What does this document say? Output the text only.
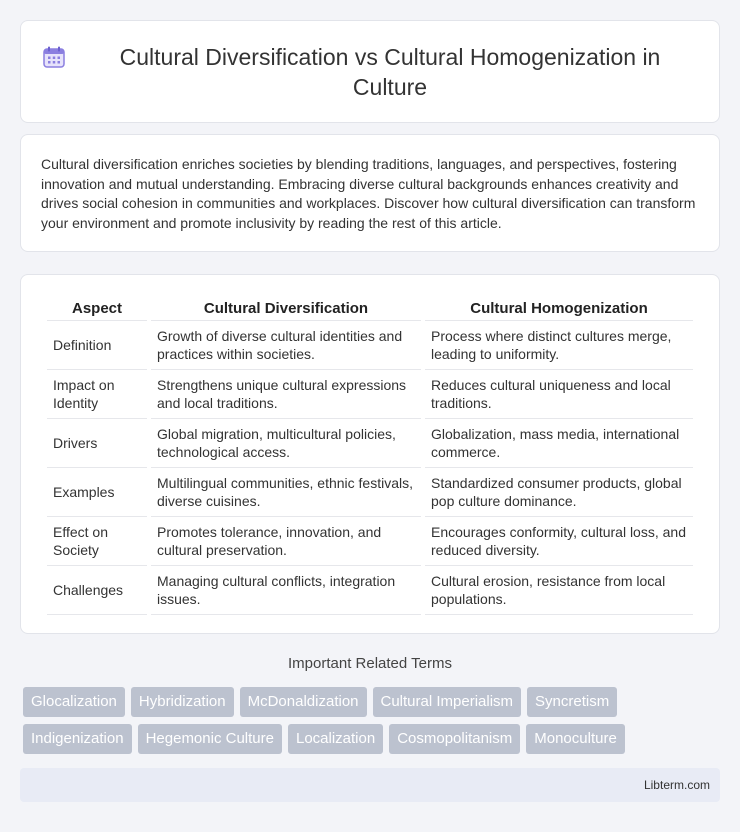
Cultural Diversification vs Cultural Homogenization in Culture

Cultural diversification enriches societies by blending traditions, languages, and perspectives, fostering innovation and mutual understanding. Embracing diverse cultural backgrounds enhances creativity and drives social cohesion in communities and workplaces. Discover how cultural diversification can transform your environment and promote inclusivity by reading the rest of this article.

Aspect	Cultural Diversification	Cultural Homogenization
Definition	Growth of diverse cultural identities and practices within societies.	Process where distinct cultures merge, leading to uniformity.
Impact on Identity	Strengthens unique cultural expressions and local traditions.	Reduces cultural uniqueness and local traditions.
Drivers	Global migration, multicultural policies, technological access.	Globalization, mass media, international commerce.
Examples	Multilingual communities, ethnic festivals, diverse cuisines.	Standardized consumer products, global pop culture dominance.
Effect on Society	Promotes tolerance, innovation, and cultural preservation.	Encourages conformity, cultural loss, and reduced diversity.
Challenges	Managing cultural conflicts, integration issues.	Cultural erosion, resistance from local populations.
Important Related Terms
Glocalization	Hybridization	McDonaldization	Cultural Imperialism	Syncretism
Indigenization	Hegemonic Culture	Localization	Cosmopolitanism	Monoculture
Libterm.com
